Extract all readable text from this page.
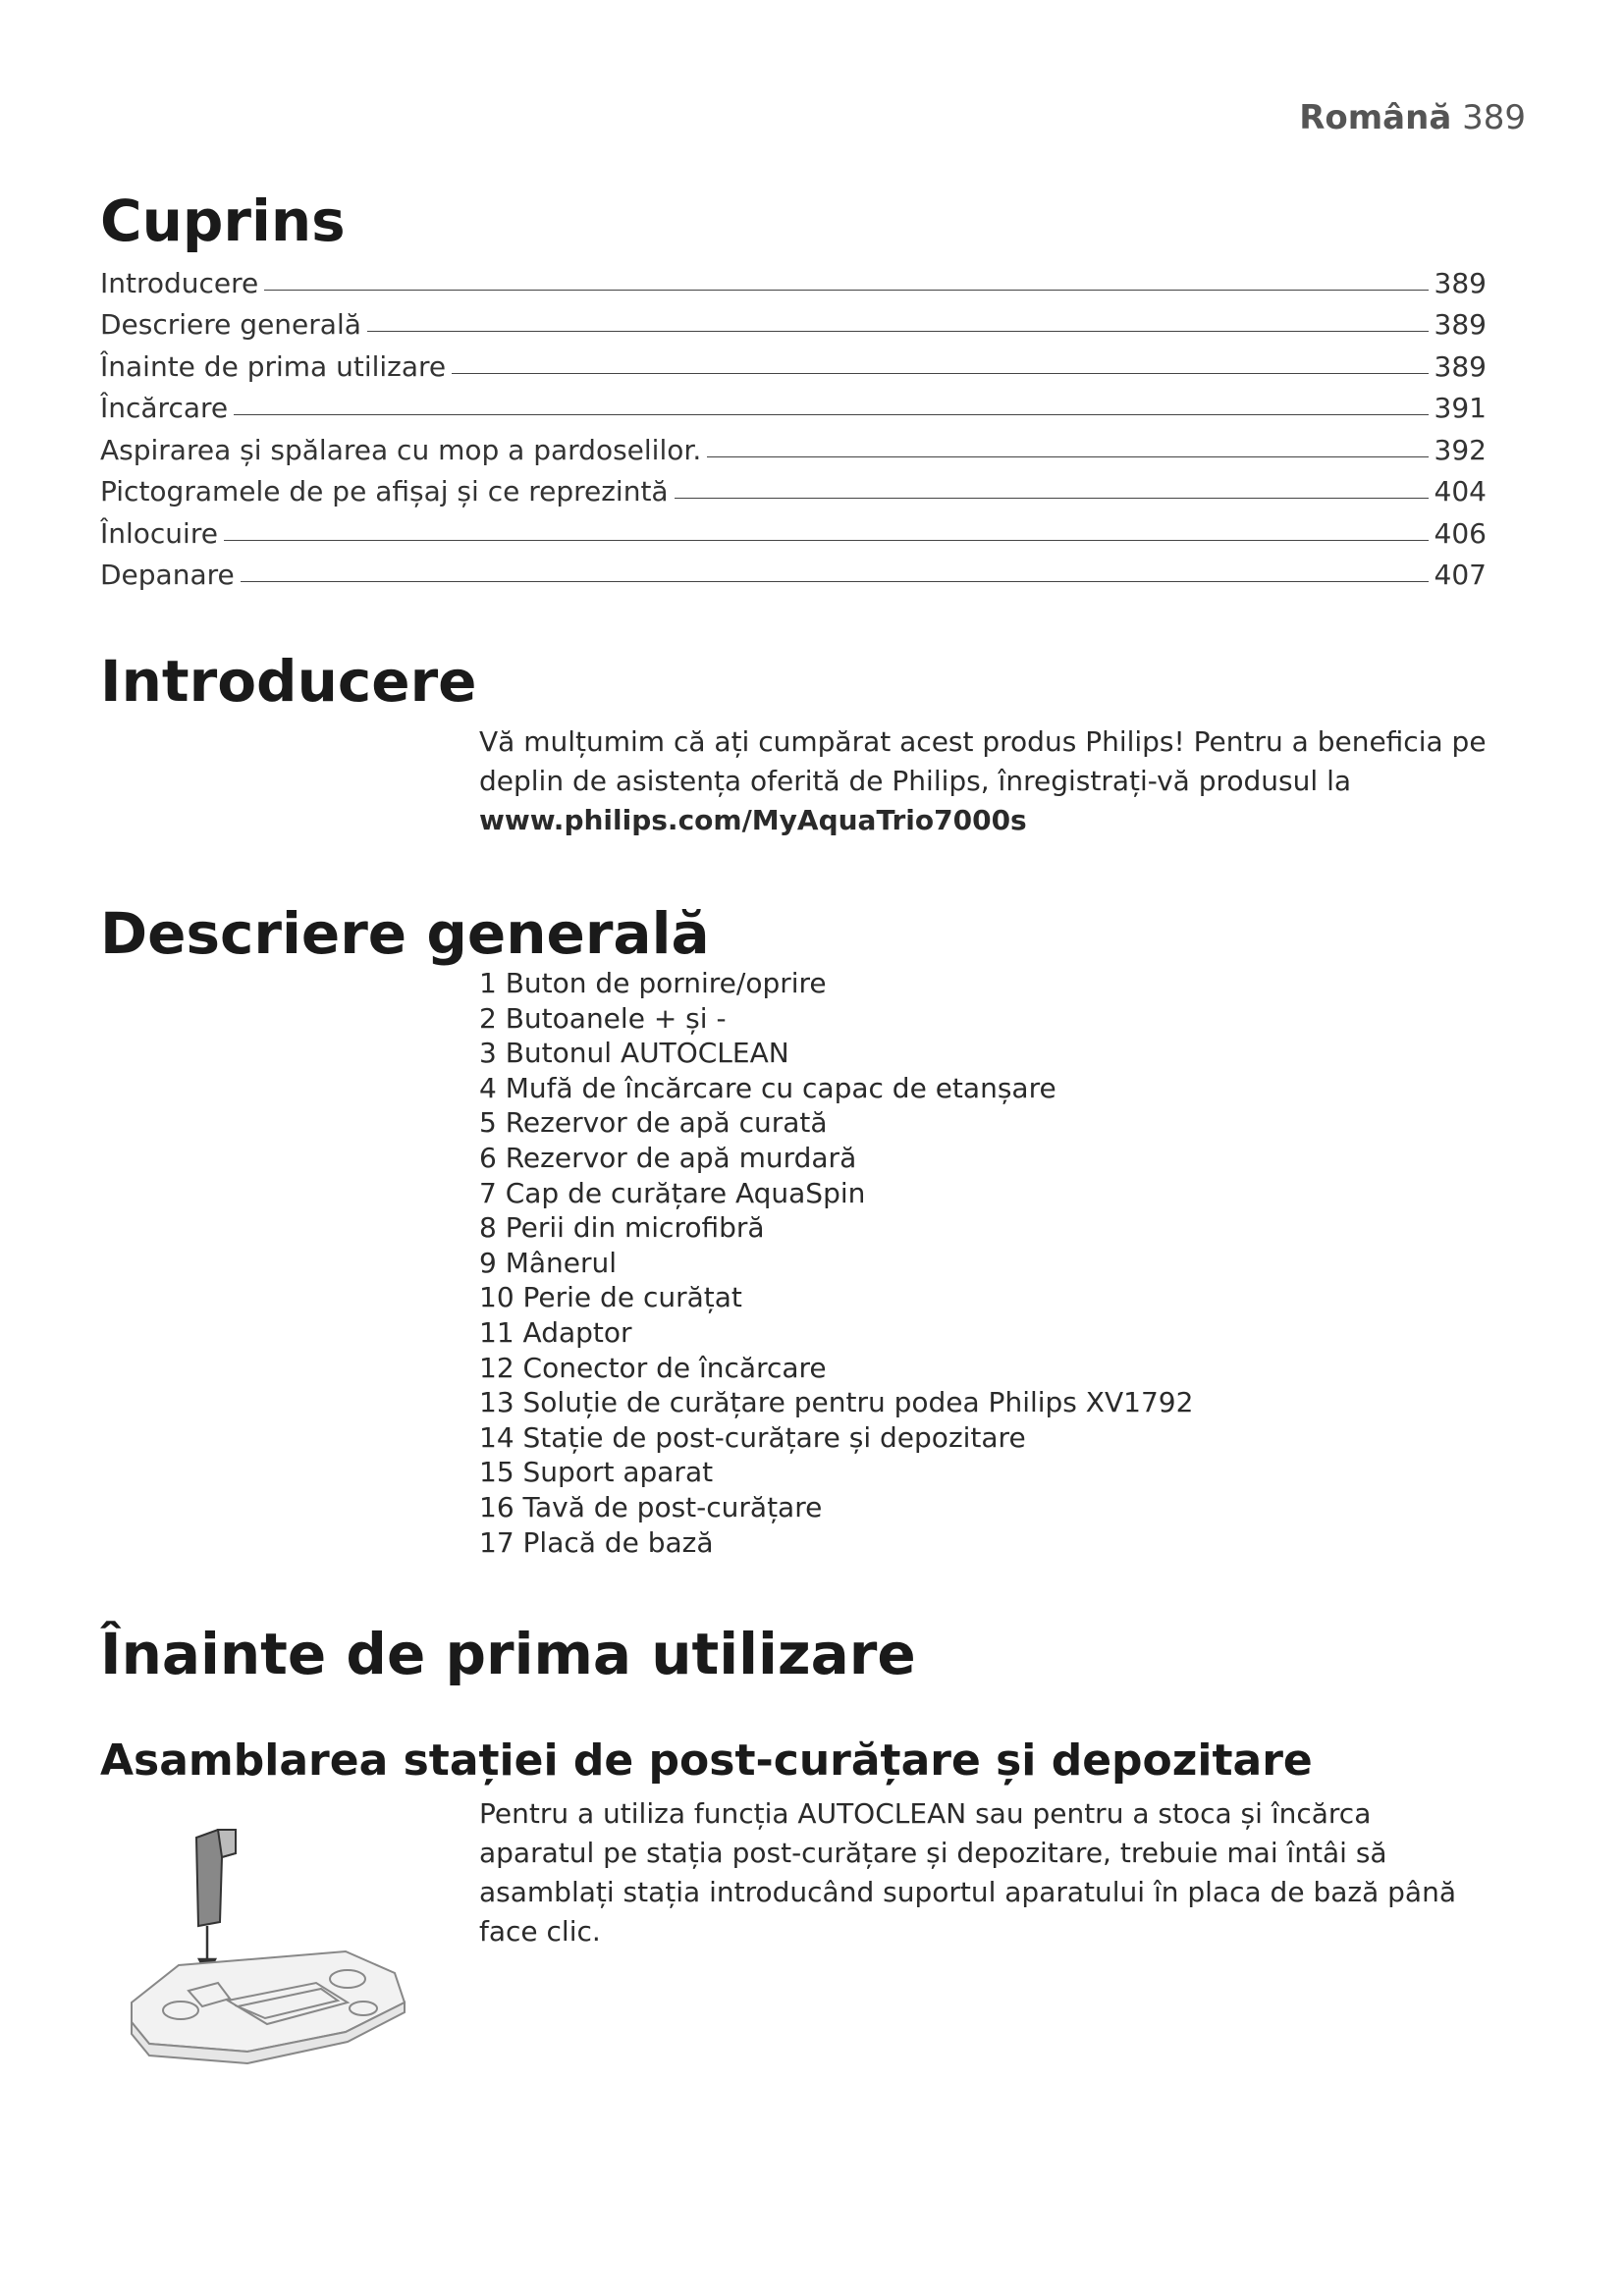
Română 389
Cuprins
Introducere	389
Descriere generală	389
Înainte de prima utilizare	389
Încărcare	391
Aspirarea și spălarea cu mop a pardoselilor.	392
Pictogramele de pe afișaj și ce reprezintă	404
Înlocuire	406
Depanare	407
Introducere

Vă mulțumim că ați cumpărat acest produs Philips! Pentru a beneficia pe deplin de asistența oferită de Philips, înregistrați-vă produsul la
www.philips.com/MyAquaTrio7000s

Descriere generală
1 Buton de pornire/oprire
2 Butoanele + și -
3 Butonul AUTOCLEAN
4 Mufă de încărcare cu capac de etanșare
5 Rezervor de apă curată
6 Rezervor de apă murdară
7 Cap de curățare AquaSpin
8 Perii din microfibră
9 Mânerul
10 Perie de curățat
11 Adaptor
12 Conector de încărcare
13 Soluție de curățare pentru podea Philips XV1792
14 Stație de post-curățare și depozitare
15 Suport aparat
16 Tavă de post-curățare
17 Placă de bază
Înainte de prima utilizare
Asamblarea stației de post-curățare și depozitare

Pentru a utiliza funcția AUTOCLEAN sau pentru a stoca și încărca aparatul pe stația post-curățare și depozitare, trebuie mai întâi să asamblați stația introducând suportul aparatului în placa de bază până face clic.
